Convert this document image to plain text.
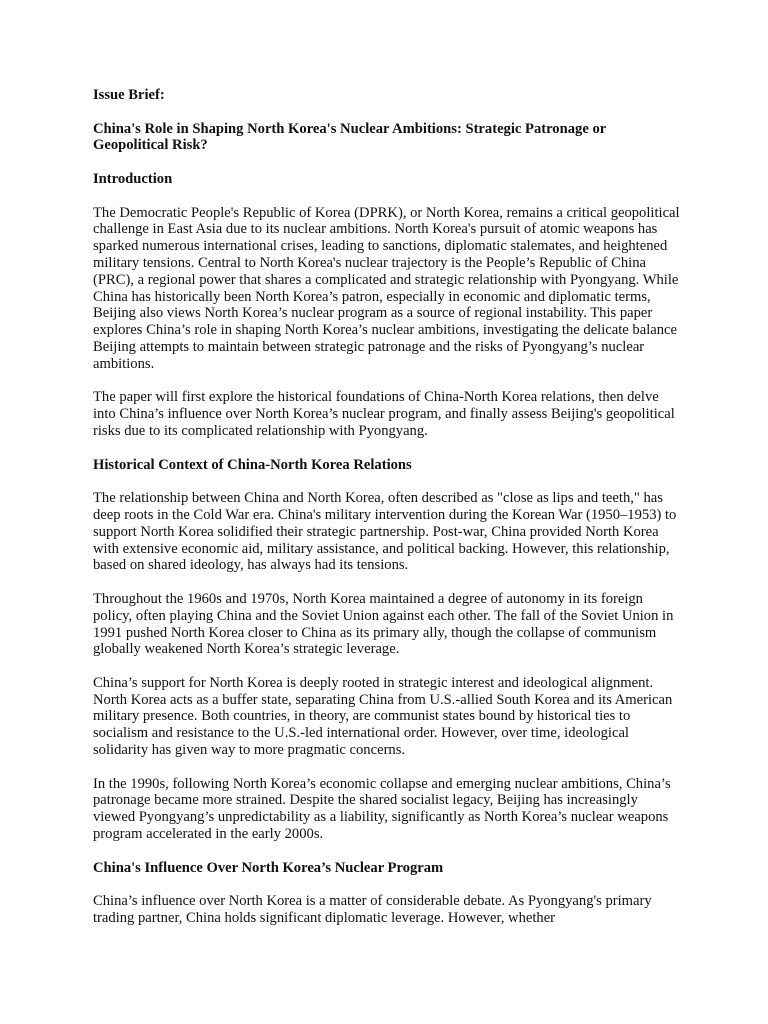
Issue Brief:
China's Role in Shaping North Korea's Nuclear Ambitions: Strategic Patronage or Geopolitical Risk?
Introduction

The Democratic People's Republic of Korea (DPRK), or North Korea, remains a critical geopolitical challenge in East Asia due to its nuclear ambitions. North Korea's pursuit of atomic weapons has sparked numerous international crises, leading to sanctions, diplomatic stalemates, and heightened military tensions. Central to North Korea's nuclear trajectory is the People’s Republic of China (PRC), a regional power that shares a complicated and strategic relationship with Pyongyang. While China has historically been North Korea’s patron, especially in economic and diplomatic terms, Beijing also views North Korea’s nuclear program as a source of regional instability. This paper explores China’s role in shaping North Korea’s nuclear ambitions, investigating the delicate balance Beijing attempts to maintain between strategic patronage and the risks of Pyongyang’s nuclear ambitions.

The paper will first explore the historical foundations of China-North Korea relations, then delve into China’s influence over North Korea’s nuclear program, and finally assess Beijing's geopolitical risks due to its complicated relationship with Pyongyang.

Historical Context of China-North Korea Relations

The relationship between China and North Korea, often described as "close as lips and teeth," has deep roots in the Cold War era. China's military intervention during the Korean War (1950–1953) to support North Korea solidified their strategic partnership. Post-war, China provided North Korea with extensive economic aid, military assistance, and political backing. However, this relationship, based on shared ideology, has always had its tensions.

Throughout the 1960s and 1970s, North Korea maintained a degree of autonomy in its foreign policy, often playing China and the Soviet Union against each other. The fall of the Soviet Union in 1991 pushed North Korea closer to China as its primary ally, though the collapse of communism globally weakened North Korea’s strategic leverage.

China’s support for North Korea is deeply rooted in strategic interest and ideological alignment. North Korea acts as a buffer state, separating China from U.S.-allied South Korea and its American military presence. Both countries, in theory, are communist states bound by historical ties to socialism and resistance to the U.S.-led international order. However, over time, ideological solidarity has given way to more pragmatic concerns.

In the 1990s, following North Korea’s economic collapse and emerging nuclear ambitions, China’s patronage became more strained. Despite the shared socialist legacy, Beijing has increasingly viewed Pyongyang’s unpredictability as a liability, significantly as North Korea’s nuclear weapons program accelerated in the early 2000s.

China's Influence Over North Korea’s Nuclear Program

China’s influence over North Korea is a matter of considerable debate. As Pyongyang's primary trading partner, China holds significant diplomatic leverage. However, whether
